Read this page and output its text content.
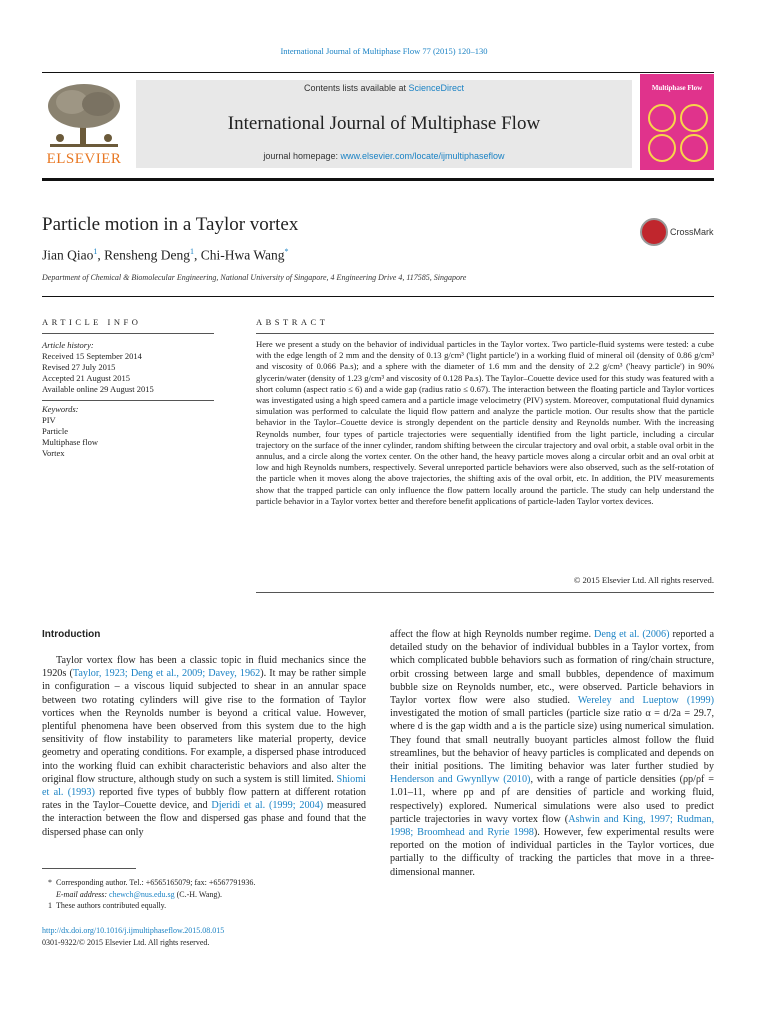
International Journal of Multiphase Flow 77 (2015) 120–130
ELSEVIER
Contents lists available at ScienceDirect
International Journal of Multiphase Flow
journal homepage: www.elsevier.com/locate/ijmultiphaseflow
Multiphase Flow
Particle motion in a Taylor vortex	CrossMark
Jian Qiao$^1$, Rensheng Deng$^1$, Chi-Hwa Wang*
Department of Chemical & Biomolecular Engineering, National University of Singapore, 4 Engineering Drive 4, 117585, Singapore
ARTICLE INFO
Article history:
Received 15 September 2014
Revised 27 July 2015
Accepted 21 August 2015
Available online 29 August 2015
Keywords:
PIV
Particle
Multiphase flow
Vortex
ABSTRACT
Here we present a study on the behavior of individual particles in the Taylor vortex. Two particle-fluid systems were tested: a cube with the edge length of 2 mm and the density of 0.13 g/cm³ ('light particle') in a working fluid of mineral oil (density of 0.86 g/cm³ and viscosity of 0.066 Pa.s); and a sphere with the diameter of 1.6 mm and the density of 2.2 g/cm³ ('heavy particle') in 90% glycerin/water (density of 1.23 g/cm³ and viscosity of 0.128 Pa.s). The Taylor–Couette device used for this study was featured with a short column (aspect ratio ≤ 6) and a wide gap (radius ratio ≤ 0.67). The interaction between the floating particle and Taylor vortices was investigated using a high speed camera and a particle image velocimetry (PIV) system. Moreover, computational fluid dynamics simulation was performed to calculate the liquid flow pattern and analyze the particle motion. Our results show that the particle behavior in the Taylor–Couette device is strongly dependent on the particle density and Reynolds number. With the increasing Reynolds number, four types of particle trajectories were sequentially identified from the light particle, including a circular trajectory on the surface of the inner cylinder, random shifting between the circular trajectory and oval orbit, a stable oval orbit in the annulus, and a circle along the vortex center. On the other hand, the heavy particle moves along a circular orbit and an oval orbit at low and high Reynolds numbers, respectively. Several unreported particle behaviors were also observed, such as the self-rotation of the particle when it moves along the above trajectories, the shifting axis of the oval orbit, etc. In addition, the PIV measurements show that the trapped particle can only influence the flow pattern locally around the particle. The study can help understand the particle behavior in a Taylor vortex better and therefore benefit applications of particle-laden Taylor vortex devices.
© 2015 Elsevier Ltd. All rights reserved.
Introduction

Taylor vortex flow has been a classic topic in fluid mechanics since the 1920s (Taylor, 1923; Deng et al., 2009; Davey, 1962). It may be rather simple in configuration – a viscous liquid subjected to shear in an annular space between two rotating cylinders will give rise to the formation of Taylor vortices when the Reynolds number is beyond a critical value. However, plentiful phenomena have been observed from this system due to the high sensitivity of flow instability to parameters like material property, device geometry and operating conditions. For example, a dispersed phase introduced into the working fluid can exhibit characteristic behaviors and also alter the original flow structure, although study on such a system is still limited. Shiomi et al. (1993) reported five types of bubbly flow pattern at different rotation rates in the Taylor–Couette device, and Djeridi et al. (1999; 2004) measured the interaction between the flow and dispersed gas phase and found that the dispersed phase can only

affect the flow at high Reynolds number regime. Deng et al. (2006) reported a detailed study on the behavior of individual bubbles in a Taylor vortex, from which complicated bubble behaviors such as formation of ring/chain structure, orbit crossing between large and small bubbles, dependence of maximum bubble size on Reynolds number, etc., were observed. Particle behaviors in Taylor vortex flow were also studied. Wereley and Lueptow (1999) investigated the motion of small particles (particle size ratio α = d/2a = 29.7, where d is the gap width and a is the particle size) using numerical simulation. They found that small neutrally buoyant particles almost follow the fluid streamlines, but the behavior of heavy particles is complicated and depends on their initial positions. The limiting behavior was later further studied by Henderson and Gwynllyw (2010), with a range of particle densities (ρp/ρf = 1.01–11, where ρp and ρf are densities of particle and working fluid, respectively) explored. Numerical simulations were also used to predict particle trajectories in wavy vortex flow (Ashwin and King, 1997; Rudman, 1998; Broomhead and Ryrie 1998). However, few experimental results were reported on the motion of individual particles in the Taylor vortices, due partially to the difficulty of tracking the particles that move in a three-dimensional manner.

* Corresponding author. Tel.: +6565165079; fax: +6567791936.
E-mail address: chewch@nus.edu.sg (C.-H. Wang).
1 These authors contributed equally.
http://dx.doi.org/10.1016/j.ijmultiphaseflow.2015.08.015
0301-9322/© 2015 Elsevier Ltd. All rights reserved.
